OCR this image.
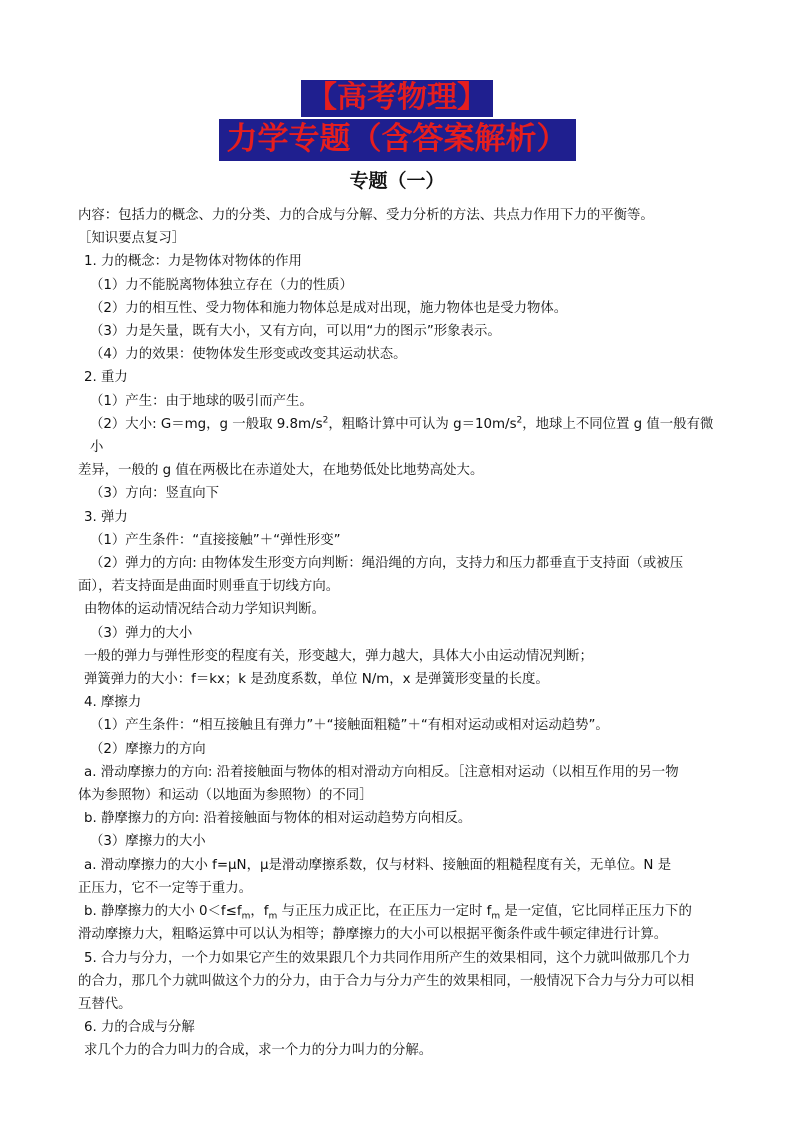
【高考物理】
力学专题（含答案解析）
专题（一）

内容：包括力的概念、力的分类、力的合成与分解、受力分析的方法、共点力作用下力的平衡等。

［知识要点复习］

1. 力的概念：力是物体对物体的作用

（1）力不能脱离物体独立存在（力的性质）

（2）力的相互性、受力物体和施力物体总是成对出现，施力物体也是受力物体。

（3）力是矢量，既有大小，又有方向，可以用“力的图示”形象表示。

（4）力的效果：使物体发生形变或改变其运动状态。

2. 重力

（1）产生：由于地球的吸引而产生。

（2）大小: G＝mg，g 一般取 $9.8m/s^2$，粗略计算中可认为 $g=10m/s^2$，地球上不同位置 g 值一般有微小

差异，一般的 g 值在两极比在赤道处大，在地势低处比地势高处大。

（3）方向：竖直向下

3. 弹力

（1）产生条件：“直接接触”＋“弹性形变”

（2）弹力的方向: 由物体发生形变方向判断：绳沿绳的方向，支持力和压力都垂直于支持面（或被压

面），若支持面是曲面时则垂直于切线方向。

由物体的运动情况结合动力学知识判断。

（3）弹力的大小

一般的弹力与弹性形变的程度有关，形变越大，弹力越大，具体大小由运动情况判断；

弹簧弹力的大小：f＝kx；k 是劲度系数，单位 N/m，x 是弹簧形变量的长度。

4. 摩擦力

（1）产生条件：“相互接触且有弹力”＋“接触面粗糙”＋“有相对运动或相对运动趋势”。

（2）摩擦力的方向

a. 滑动摩擦力的方向: 沿着接触面与物体的相对滑动方向相反。［注意相对运动（以相互作用的另一物

体为参照物）和运动（以地面为参照物）的不同］

b. 静摩擦力的方向: 沿着接触面与物体的相对运动趋势方向相反。

（3）摩擦力的大小

a. 滑动摩擦力的大小 f=μN，μ是滑动摩擦系数，仅与材料、接触面的粗糙程度有关，无单位。N 是

正压力，它不一定等于重力。

b. 静摩擦力的大小 $0<f\le f_m$，$f_m$ 与正压力成正比，在正压力一定时 $f_m$ 是一定值，它比同样正压力下的

滑动摩擦力大，粗略运算中可以认为相等；静摩擦力的大小可以根据平衡条件或牛顿定律进行计算。

5. 合力与分力，一个力如果它产生的效果跟几个力共同作用所产生的效果相同，这个力就叫做那几个力

的合力，那几个力就叫做这个力的分力，由于合力与分力产生的效果相同，一般情况下合力与分力可以相

互替代。

6. 力的合成与分解

求几个力的合力叫力的合成，求一个力的分力叫力的分解。
